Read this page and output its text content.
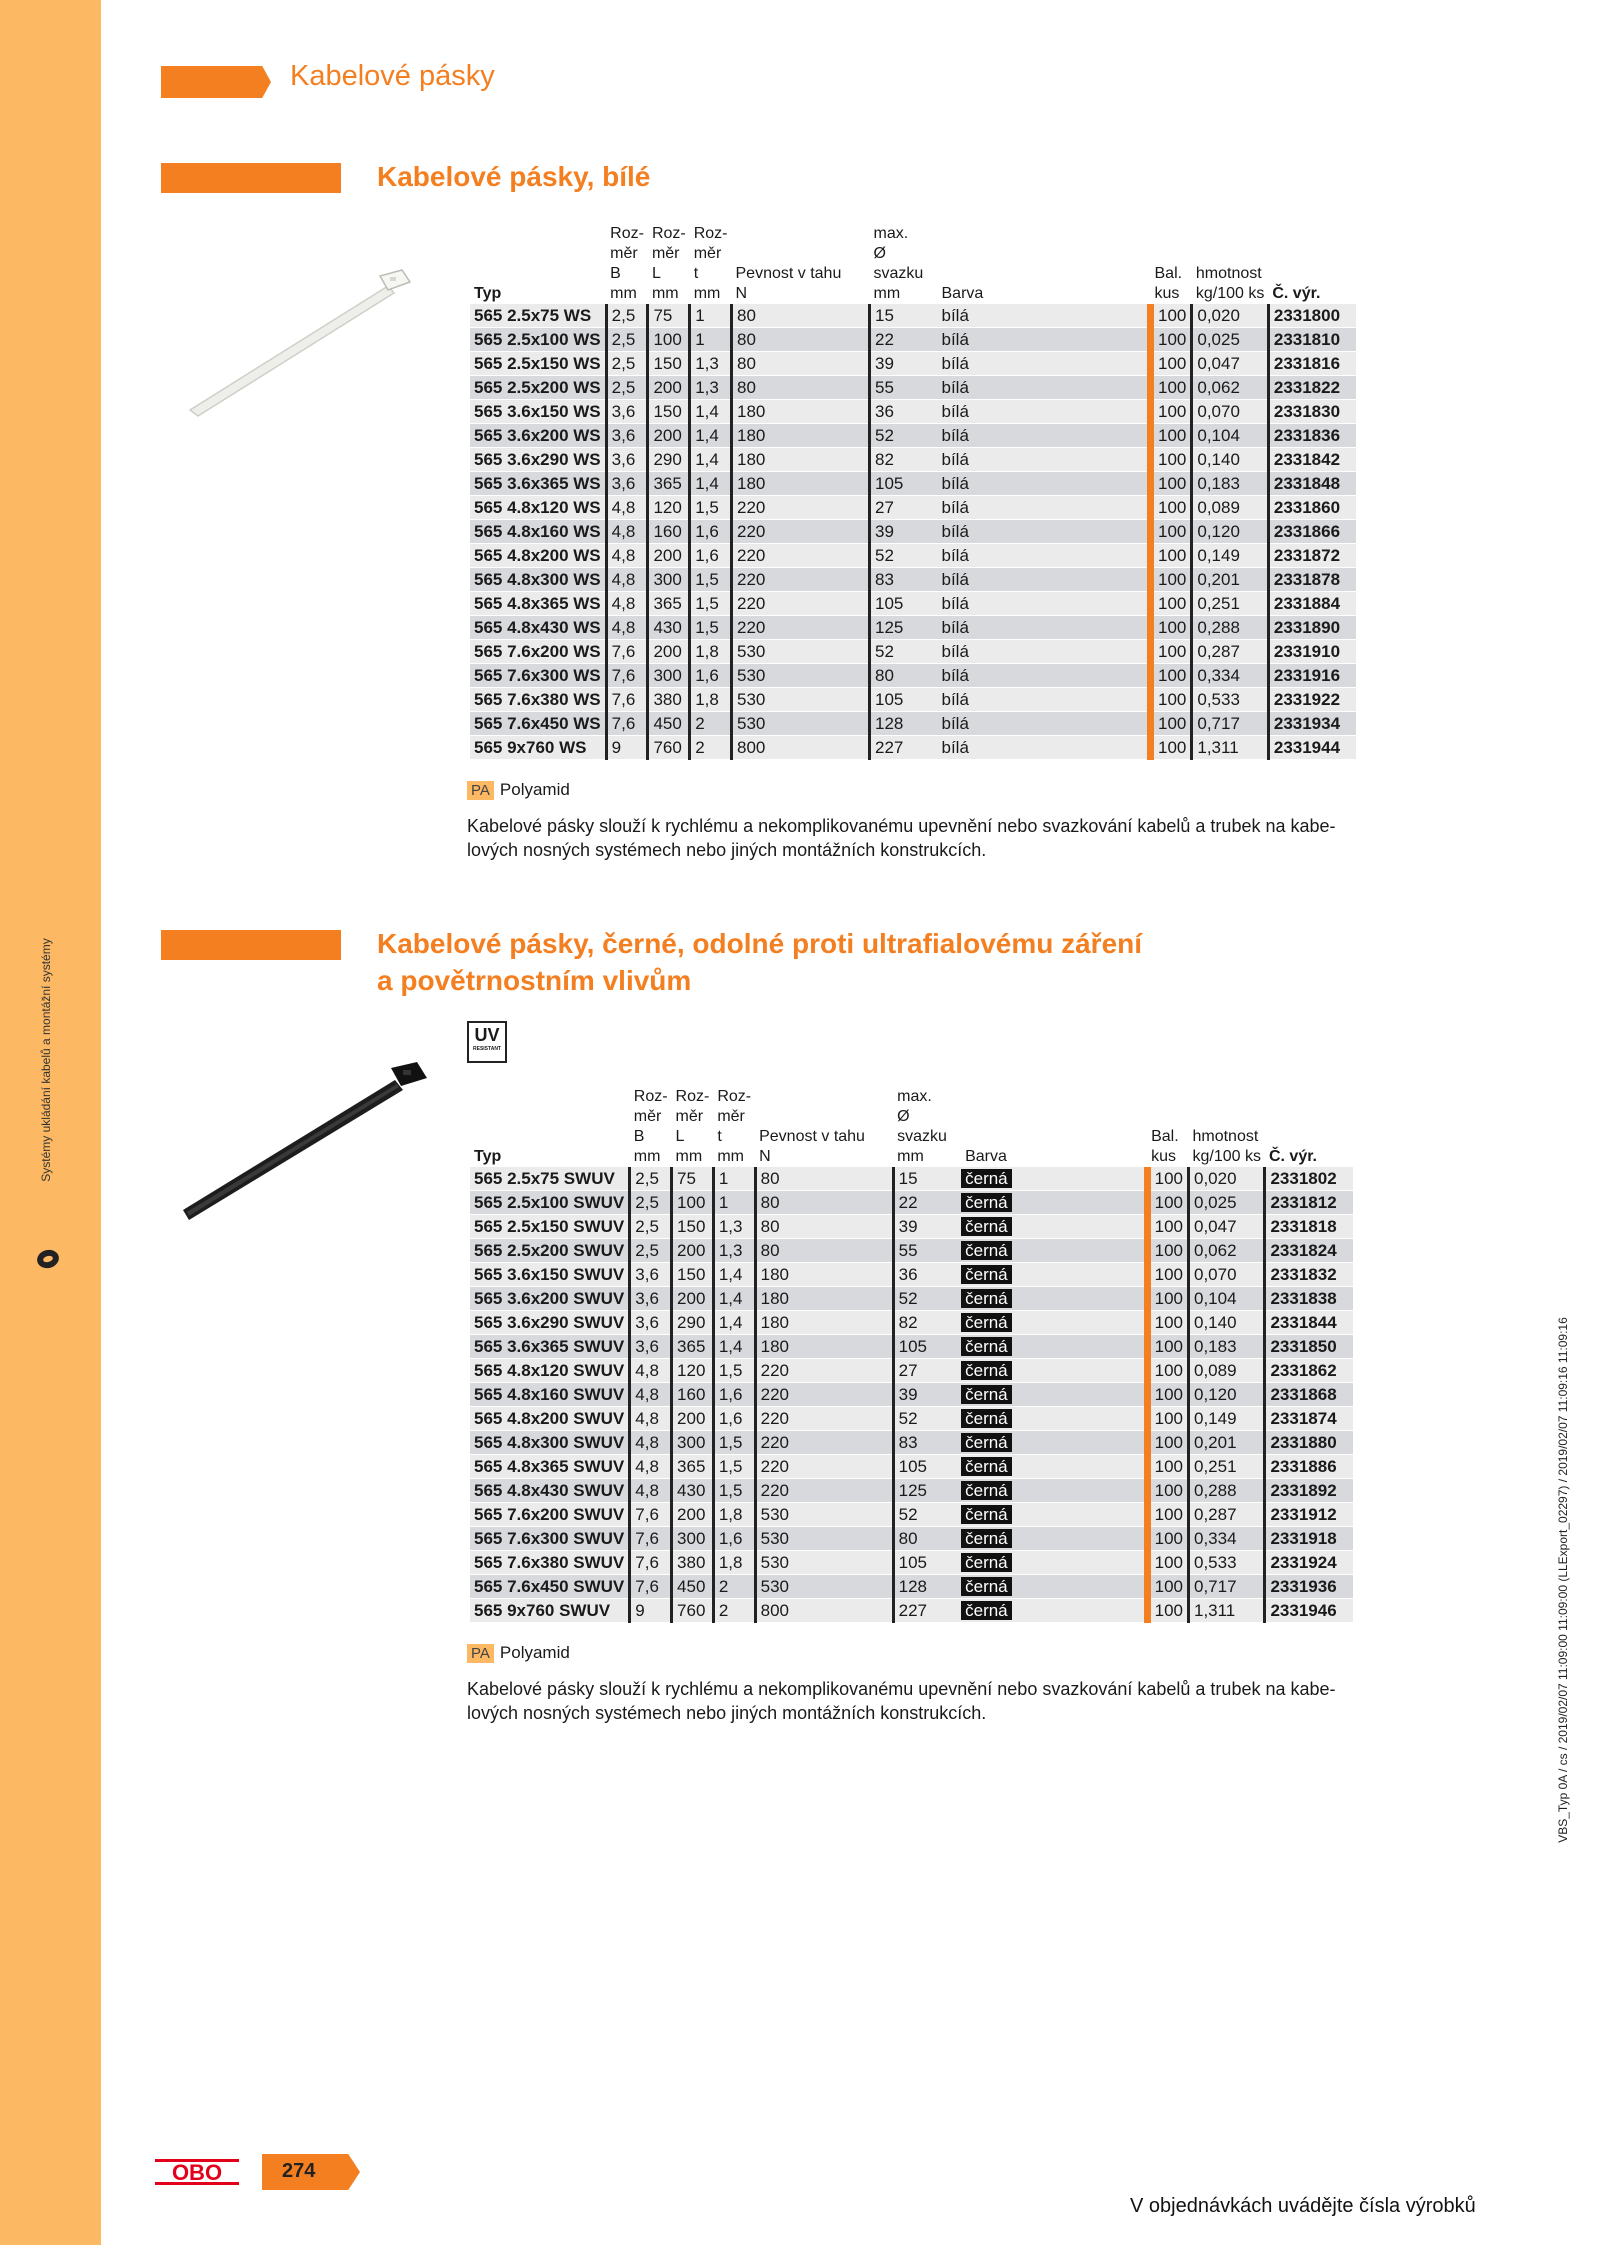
Systémy ukládání kabelů a montážní systémy
VBS_Typ 0A / cs / 2019/02/07 11:09:00 11:09:00 (LLExport_02297) / 2019/02/07 11:09:16 11:09:16
Kabelové pásky
Kabelové pásky, bílé
Typ	Roz-
měr
B
mm	Roz-
měr
L
mm	Roz-
měr
t
mm	Pevnost v tahu
N	max.
Ø
svazku
mm	Barva	Bal.
kus	hmotnost
kg/100 ks	Č. výr.
565 2.5x75 WS	2,5	75	1	80	15	bílá	100	0,020	2331800
565 2.5x100 WS	2,5	100	1	80	22	bílá	100	0,025	2331810
565 2.5x150 WS	2,5	150	1,3	80	39	bílá	100	0,047	2331816
565 2.5x200 WS	2,5	200	1,3	80	55	bílá	100	0,062	2331822
565 3.6x150 WS	3,6	150	1,4	180	36	bílá	100	0,070	2331830
565 3.6x200 WS	3,6	200	1,4	180	52	bílá	100	0,104	2331836
565 3.6x290 WS	3,6	290	1,4	180	82	bílá	100	0,140	2331842
565 3.6x365 WS	3,6	365	1,4	180	105	bílá	100	0,183	2331848
565 4.8x120 WS	4,8	120	1,5	220	27	bílá	100	0,089	2331860
565 4.8x160 WS	4,8	160	1,6	220	39	bílá	100	0,120	2331866
565 4.8x200 WS	4,8	200	1,6	220	52	bílá	100	0,149	2331872
565 4.8x300 WS	4,8	300	1,5	220	83	bílá	100	0,201	2331878
565 4.8x365 WS	4,8	365	1,5	220	105	bílá	100	0,251	2331884
565 4.8x430 WS	4,8	430	1,5	220	125	bílá	100	0,288	2331890
565 7.6x200 WS	7,6	200	1,8	530	52	bílá	100	0,287	2331910
565 7.6x300 WS	7,6	300	1,6	530	80	bílá	100	0,334	2331916
565 7.6x380 WS	7,6	380	1,8	530	105	bílá	100	0,533	2331922
565 7.6x450 WS	7,6	450	2	530	128	bílá	100	0,717	2331934
565 9x760 WS	9	760	2	800	227	bílá	100	1,311	2331944
PA Polyamid
Kabelové pásky slouží k rychlému a nekomplikovanému upevnění nebo svazkování kabelů a trubek na kabe-
lových nosných systémech nebo jiných montážních konstrukcích.
Kabelové pásky, černé, odolné proti ultrafialovému záření
a povětrnostním vlivům
UV
RESISTANT
Typ	Roz-
měr
B
mm	Roz-
měr
L
mm	Roz-
měr
t
mm	Pevnost v tahu
N	max.
Ø
svazku
mm	Barva	Bal.
kus	hmotnost
kg/100 ks	Č. výr.
565 2.5x75 SWUV	2,5	75	1	80	15	černá	100	0,020	2331802
565 2.5x100 SWUV	2,5	100	1	80	22	černá	100	0,025	2331812
565 2.5x150 SWUV	2,5	150	1,3	80	39	černá	100	0,047	2331818
565 2.5x200 SWUV	2,5	200	1,3	80	55	černá	100	0,062	2331824
565 3.6x150 SWUV	3,6	150	1,4	180	36	černá	100	0,070	2331832
565 3.6x200 SWUV	3,6	200	1,4	180	52	černá	100	0,104	2331838
565 3.6x290 SWUV	3,6	290	1,4	180	82	černá	100	0,140	2331844
565 3.6x365 SWUV	3,6	365	1,4	180	105	černá	100	0,183	2331850
565 4.8x120 SWUV	4,8	120	1,5	220	27	černá	100	0,089	2331862
565 4.8x160 SWUV	4,8	160	1,6	220	39	černá	100	0,120	2331868
565 4.8x200 SWUV	4,8	200	1,6	220	52	černá	100	0,149	2331874
565 4.8x300 SWUV	4,8	300	1,5	220	83	černá	100	0,201	2331880
565 4.8x365 SWUV	4,8	365	1,5	220	105	černá	100	0,251	2331886
565 4.8x430 SWUV	4,8	430	1,5	220	125	černá	100	0,288	2331892
565 7.6x200 SWUV	7,6	200	1,8	530	52	černá	100	0,287	2331912
565 7.6x300 SWUV	7,6	300	1,6	530	80	černá	100	0,334	2331918
565 7.6x380 SWUV	7,6	380	1,8	530	105	černá	100	0,533	2331924
565 7.6x450 SWUV	7,6	450	2	530	128	černá	100	0,717	2331936
565 9x760 SWUV	9	760	2	800	227	černá	100	1,311	2331946
PA Polyamid
Kabelové pásky slouží k rychlému a nekomplikovanému upevnění nebo svazkování kabelů a trubek na kabe-
lových nosných systémech nebo jiných montážních konstrukcích.
OBO	274
V objednávkách uvádějte čísla výrobků
